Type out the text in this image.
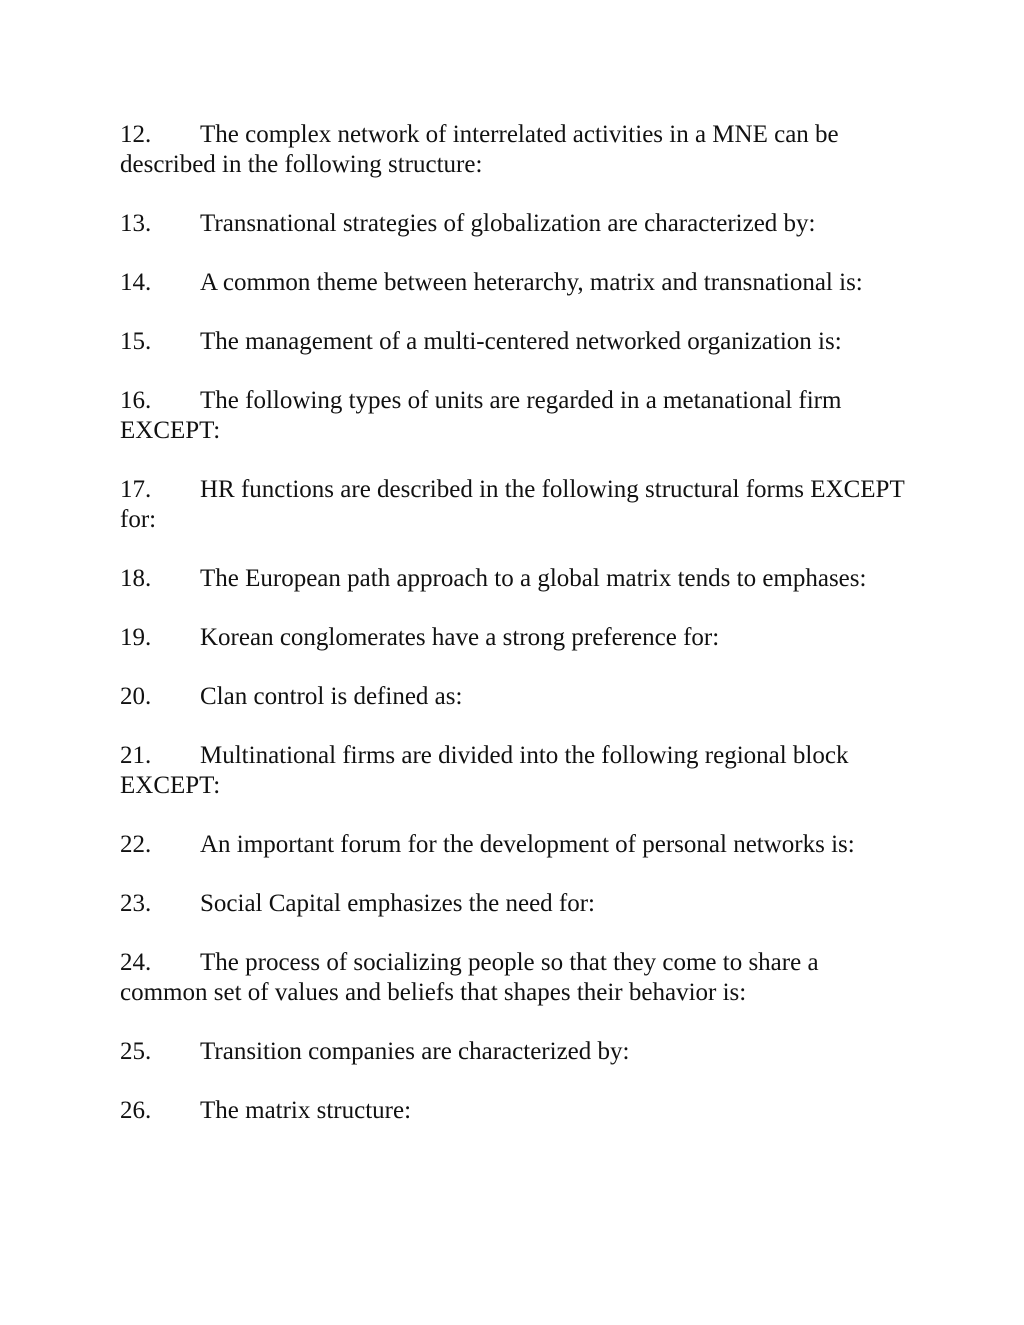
12. The complex network of interrelated activities in a MNE can be described in the following structure:
13. Transnational strategies of globalization are characterized by:
14. A common theme between heterarchy, matrix and transnational is:
15. The management of a multi-centered networked organization is:
16. The following types of units are regarded in a metanational firm EXCEPT:
17. HR functions are described in the following structural forms EXCEPT for:
18. The European path approach to a global matrix tends to emphases:
19. Korean conglomerates have a strong preference for:
20. Clan control is defined as:
21. Multinational firms are divided into the following regional block EXCEPT:
22. An important forum for the development of personal networks is:
23. Social Capital emphasizes the need for:
24. The process of socializing people so that they come to share a common set of values and beliefs that shapes their behavior is:
25. Transition companies are characterized by:
26. The matrix structure:
